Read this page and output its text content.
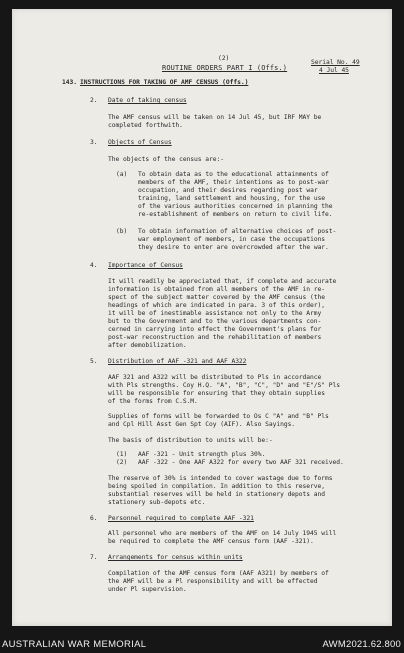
(2)
ROUTINE ORDERS PART I (Offs.)
Serial No. 49
4 Jul 45
143. INSTRUCTIONS FOR TAKING OF AMF CENSUS (Offs.)
2. Date of taking census
The AMF census will be taken on 14 Jul 45, but IRF MAY be
completed forthwith.
3. Objects of Census
The objects of the census are:-
(a) To obtain data as to the educational attainments of
members of the AMF, their intentions as to post-war
occupation, and their desires regarding post war
training, land settlement and housing, for the use
of the various authorities concerned in planning the
re-establishment of members on return to civil life.
(b) To obtain information of alternative choices of post-
war employment of members, in case the occupations
they desire to enter are overcrowded after the war.
4. Importance of Census
It will readily be appreciated that, if complete and accurate
information is obtained from all members of the AMF in re-
spect of the subject matter covered by the AMF census (the
headings of which are indicated in para. 3 of this order),
it will be of inestimable assistance not only to the Army
but to the Government and to the various departments con-
cerned in carrying into effect the Government's plans for
post-war reconstruction and the rehabilitation of members
after demobilization.
5. Distribution of AAF -321 and AAF A322
AAF 321 and A322 will be distributed to Pls in accordance
with Pls strengths. Coy H.Q. "A", "B", "C", "D" and "E"/S" Pls
will be responsible for ensuring that they obtain supplies
of the forms from C.S.M.
Supplies of forms will be forwarded to Os C "A" and "B" Pls
and Cpl Hill Asst Gen Spt Coy (AIF). Also Sayings.
The basis of distribution to units will be:-
(1) AAF -321 - Unit strength plus 30%.
(2) AAF -322 - One AAF A322 for every two AAF 321 received.
The reserve of 30% is intended to cover wastage due to forms
being spoiled in compilation. In addition to this reserve,
substantial reserves will be held in stationery depots and
stationery sub-depots etc.
6. Personnel required to complete AAF -321
All personnel who are members of the AMF on 14 July 1945 will
be required to complete the AMF census form (AAF -321).
7. Arrangements for census within units
Compilation of the AMF census form (AAF A321) by members of
the AMF will be a Pl responsibility and will be effected
under Pl supervision.
AUSTRALIAN WAR MEMORIAL	AWM2021.62.800
